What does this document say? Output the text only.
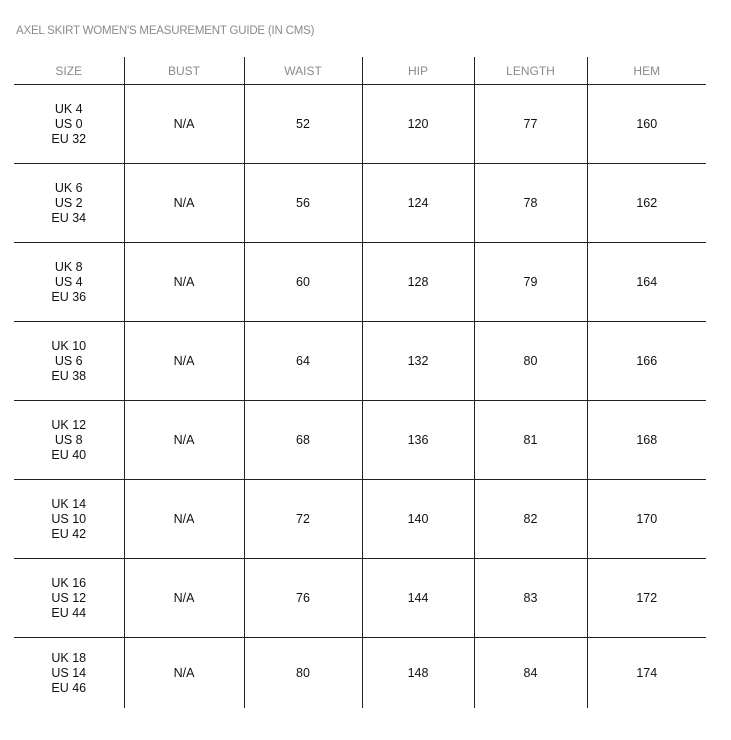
AXEL SKIRT WOMEN'S MEASUREMENT GUIDE (IN CMS)
SIZE	BUST	WAIST	HIP	LENGTH	HEM

UK 4
US 0
EU 32	N/A	52	120	77	160

UK 6
US 2
EU 34	N/A	56	124	78	162

UK 8
US 4
EU 36	N/A	60	128	79	164

UK 10
US 6
EU 38	N/A	64	132	80	166

UK 12
US 8
EU 40	N/A	68	136	81	168

UK 14
US 10
EU 42	N/A	72	140	82	170

UK 16
US 12
EU 44	N/A	76	144	83	172

UK 18
US 14
EU 46	N/A	80	148	84	174
